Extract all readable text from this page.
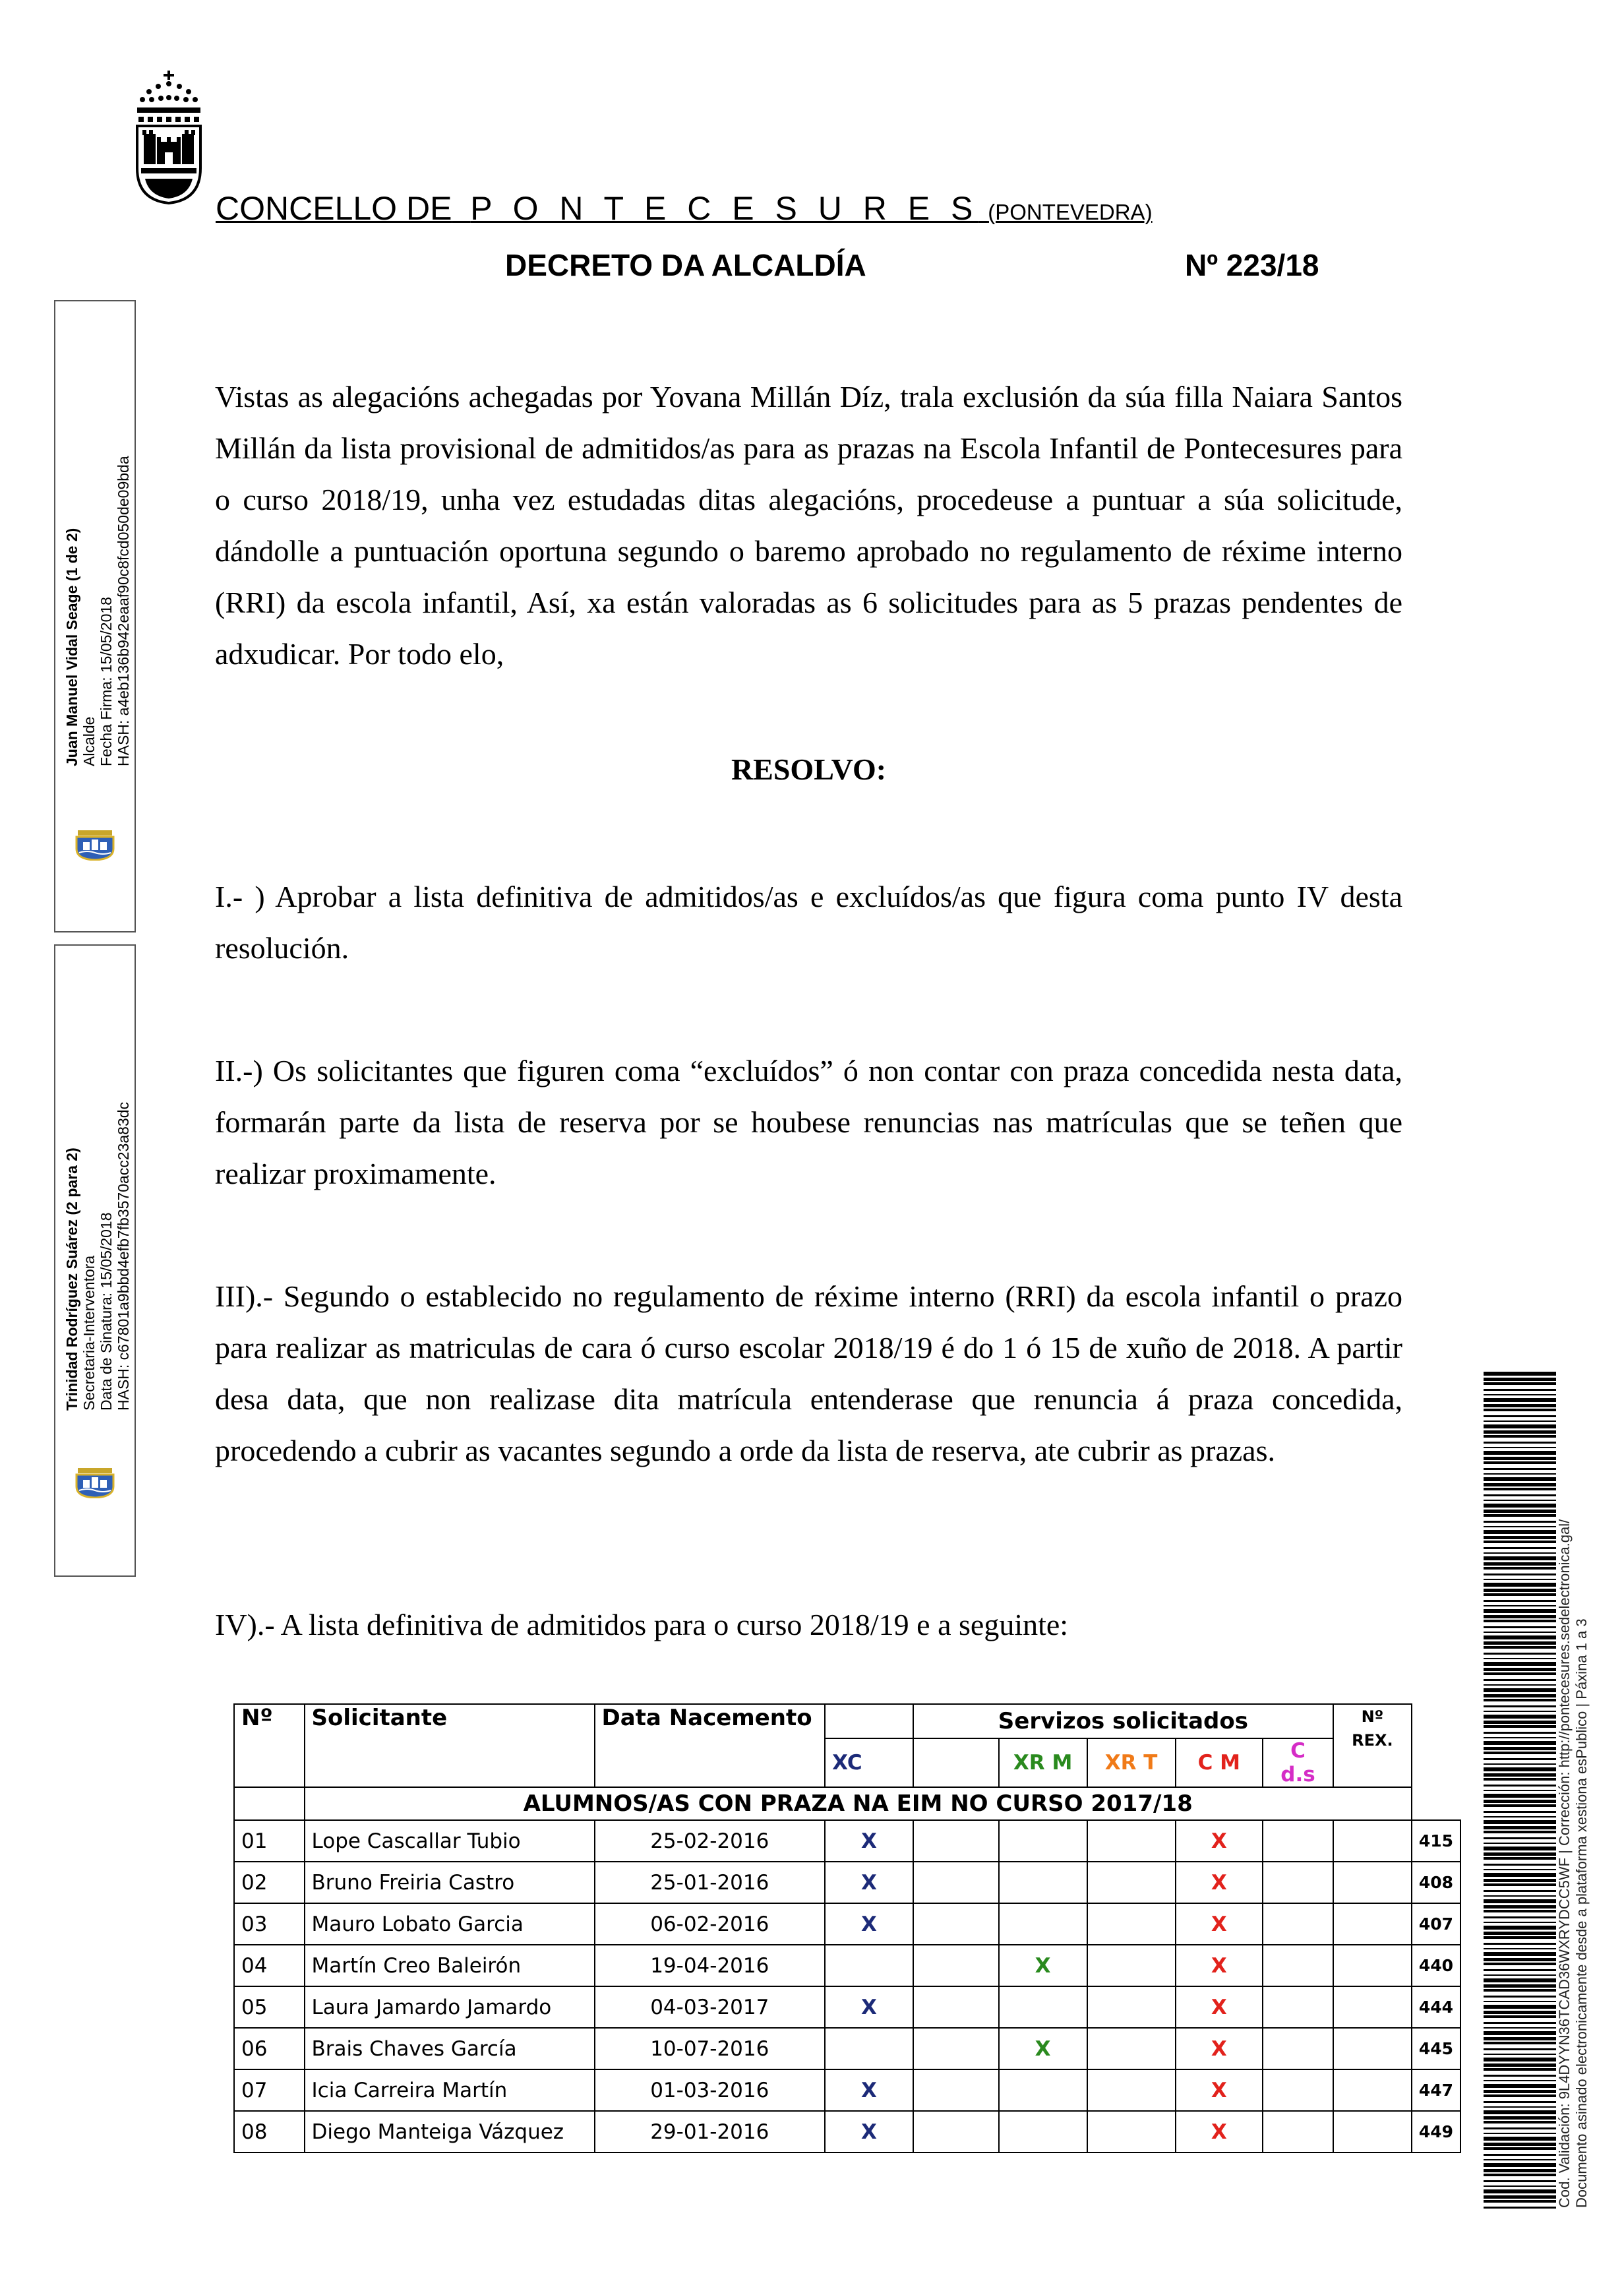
CONCELLO DE P O N T E C E S U R E S (PONTEVEDRA)
DECRETO DA ALCALDÍA	Nº 223/18
Vistas as alegacións achegadas por Yovana Millán Díz, trala exclusión da súa filla Naiara Santos Millán da lista provisional de admitidos/as para as prazas na Escola Infantil de Pontecesures para o curso 2018/19, unha vez estudadas ditas alegacións, procedeuse a puntuar a súa solicitude, dándolle a puntuación oportuna segundo o baremo aprobado no regulamento de réxime interno (RRI) da escola infantil, Así, xa están valoradas as 6 solicitudes para as 5 prazas pendentes de adxudicar. Por todo elo,
RESOLVO:
I.- ) Aprobar a lista definitiva de admitidos/as e excluídos/as que figura coma punto IV desta resolución.
II.-) Os solicitantes que figuren coma “excluídos” ó non contar con praza concedida nesta data, formarán parte da lista de reserva por se houbese renuncias nas matrículas que se teñen que realizar proximamente.
III).- Segundo o establecido no regulamento de réxime interno (RRI) da escola infantil o prazo para realizar as matriculas de cara ó curso escolar 2018/19 é do 1 ó 15 de xuño de 2018. A partir desa data, que non realizase dita matrícula entenderase que renuncia á praza concedida, procedendo a cubrir as vacantes segundo a orde da lista de reserva, ate cubrir as prazas.
IV).- A lista definitiva de admitidos para o curso 2018/19 e a seguinte:
Juan Manuel Vidal Seage (1 de 2) Alcalde Fecha Firma: 15/05/2018 HASH: a4eb136b942eaaf90c8fcd050de09bda
Trinidad Rodríguez Suárez (2 para 2) Secretaria-Interventora Data de Sinatura: 15/05/2018 HASH: c67801a9bbd4efb7fb3570acc23a83dc
Cod. Validación: 9L4DYYN36TCAD36WXRYDCC5WF | Corrección: http://pontecesures.sedelectronica.gal/ Documento asinado electronicamente desde a plataforma xestiona esPublico | Páxina 1 a 3
Nº	Solicitante	Data Nacemento		Servizos solicitados					Nº
REX.	

			XC		XR M	XR T	C M	C d.s		
	ALUMNOS/AS CON PRAZA NA EIM NO CURSO 2017/18									
01	Lope Cascallar Tubio	25-02-2016	X				X			415
02	Bruno Freiria Castro	25-01-2016	X				X			408
03	Mauro Lobato Garcia	06-02-2016	X				X			407
04	Martín Creo Baleirón	19-04-2016			X		X			440
05	Laura Jamardo Jamardo	04-03-2017	X				X			444
06	Brais Chaves García	10-07-2016			X		X			445
07	Icia Carreira Martín	01-03-2016	X				X			447
08	Diego Manteiga Vázquez	29-01-2016	X				X			449
